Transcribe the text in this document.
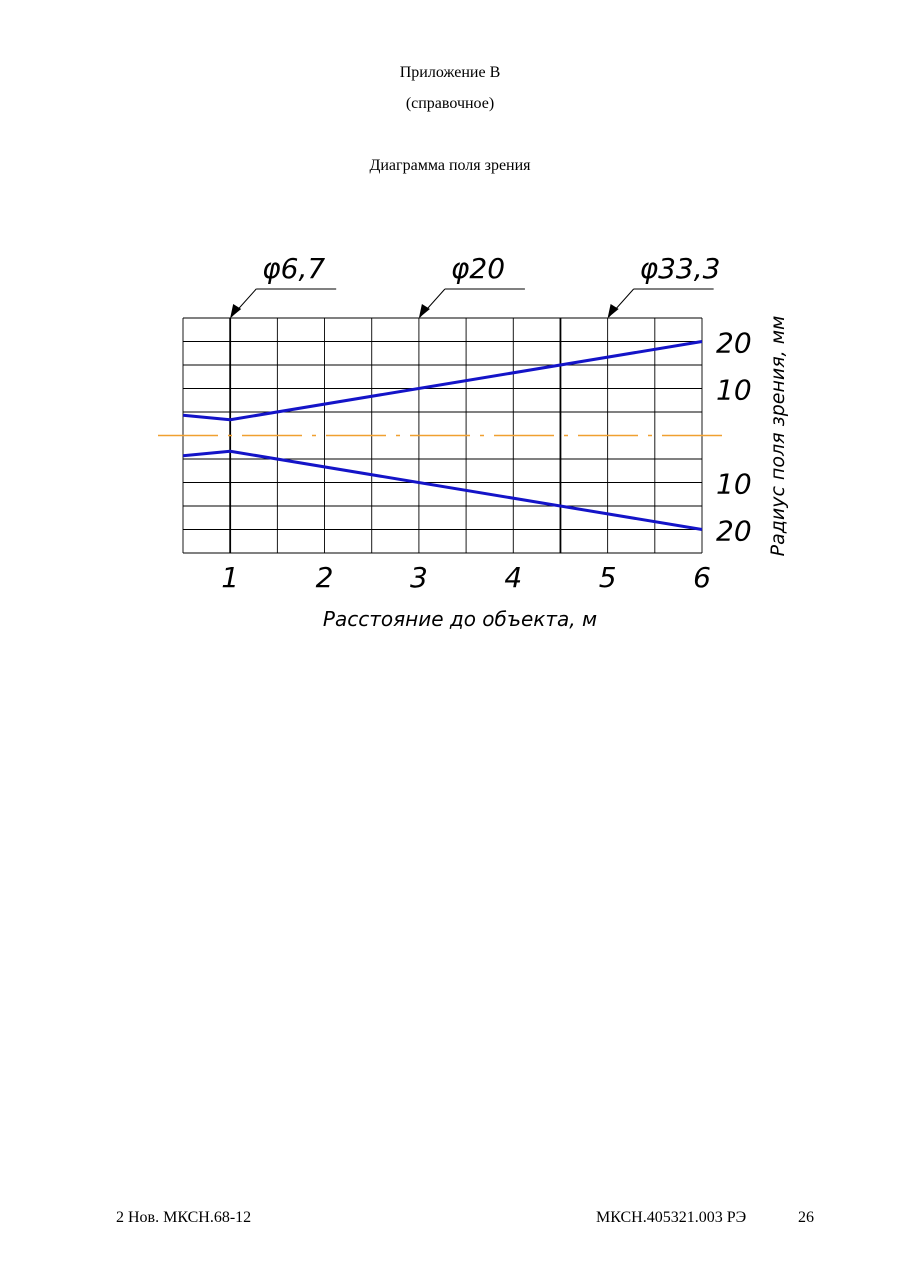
Приложение В
(справочное)
Диаграмма поля зрения
1	2	3	4	5	6
20
10
10
20
Расстояние до объекта, м
Радиус поля зрения, мм
φ6,7	φ20	φ33,3
2 Нов. МКСН.68-12	МКСН.405321.003 РЭ	26
